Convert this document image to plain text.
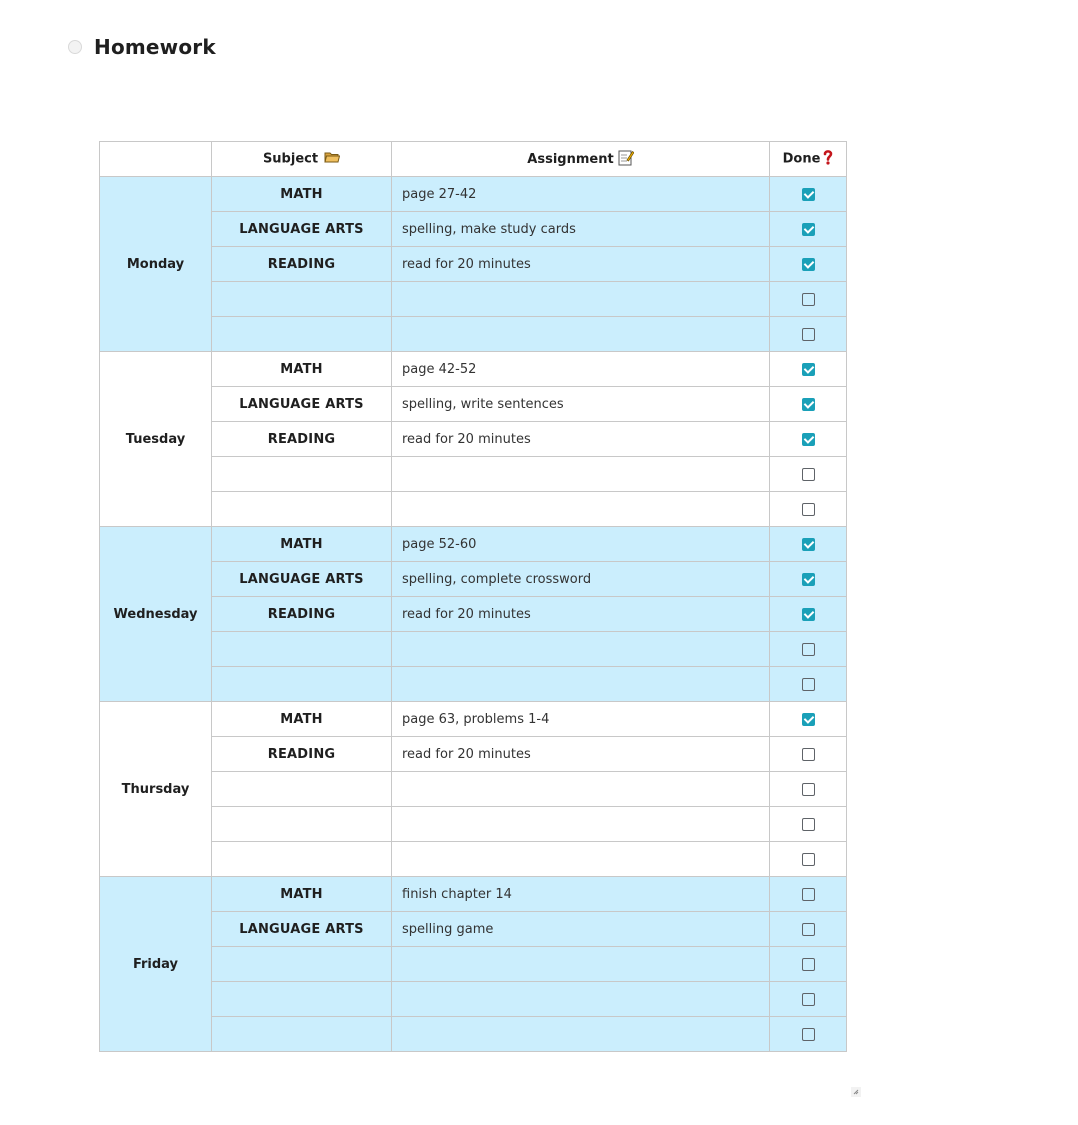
Homework
	Subject	Assignment	Done
Monday	MATH	page 27-42	
	LANGUAGE ARTS	spelling, make study cards	
	READING	read for 20 minutes	

Tuesday	MATH	page 42-52	
	LANGUAGE ARTS	spelling, write sentences	
	READING	read for 20 minutes	

Wednesday	MATH	page 52-60	
	LANGUAGE ARTS	spelling, complete crossword	
	READING	read for 20 minutes	

Thursday	MATH	page 63, problems 1-4	
	READING	read for 20 minutes	

Friday	MATH	finish chapter 14	
	LANGUAGE ARTS	spelling game	
